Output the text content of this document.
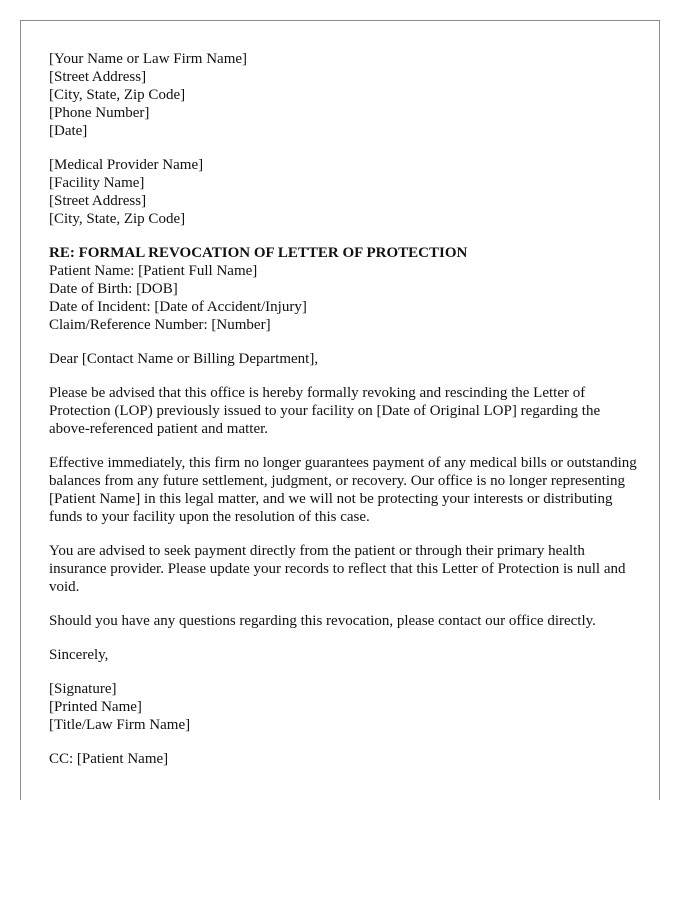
[Your Name or Law Firm Name]
[Street Address]
[City, State, Zip Code]
[Phone Number]
[Date]
[Medical Provider Name]
[Facility Name]
[Street Address]
[City, State, Zip Code]
RE: FORMAL REVOCATION OF LETTER OF PROTECTION
Patient Name: [Patient Full Name]
Date of Birth: [DOB]
Date of Incident: [Date of Accident/Injury]
Claim/Reference Number: [Number]

Dear [Contact Name or Billing Department],

Please be advised that this office is hereby formally revoking and rescinding the Letter of Protection (LOP) previously issued to your facility on [Date of Original LOP] regarding the above-referenced patient and matter.

Effective immediately, this firm no longer guarantees payment of any medical bills or outstanding balances from any future settlement, judgment, or recovery. Our office is no longer representing [Patient Name] in this legal matter, and we will not be protecting your interests or distributing funds to your facility upon the resolution of this case.

You are advised to seek payment directly from the patient or through their primary health insurance provider. Please update your records to reflect that this Letter of Protection is null and void.

Should you have any questions regarding this revocation, please contact our office directly.

Sincerely,

[Signature]
[Printed Name]
[Title/Law Firm Name]
CC: [Patient Name]
